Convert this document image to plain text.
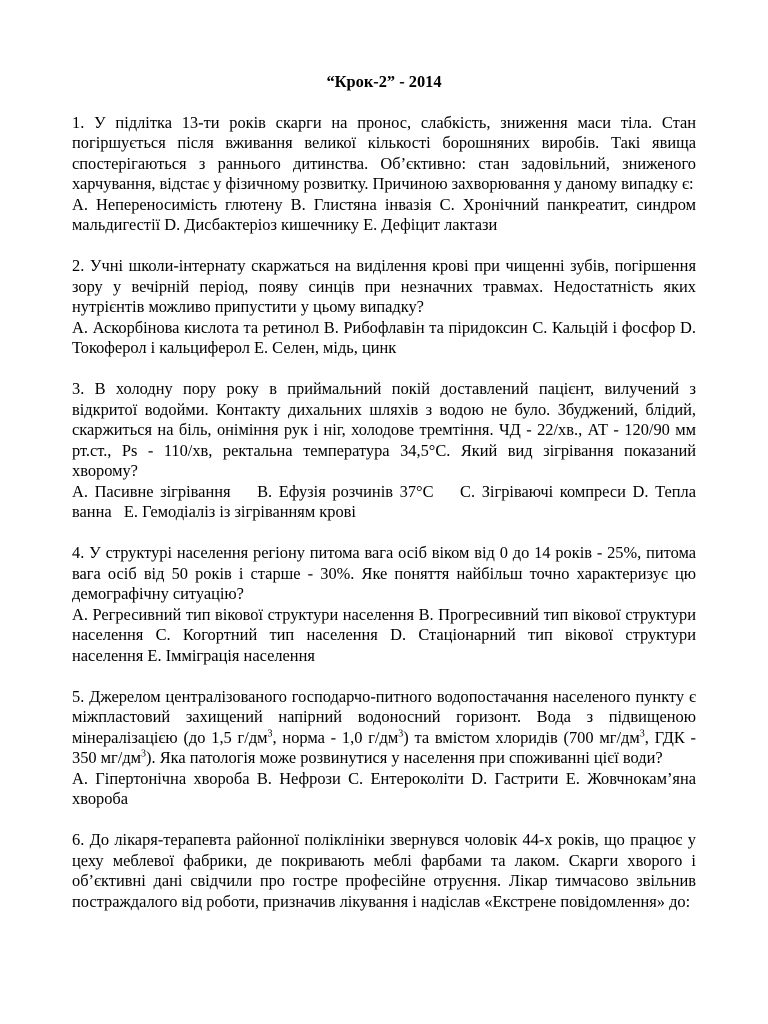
“Крок-2” - 2014

1. У підлітка 13-ти років скарги на пронос, слабкість, зниження маси тіла. Стан погіршується після вживання великої кількості борошняних виробів. Такі явища спостерігаються з раннього дитинства. Об’єктивно: стан задовільний, зниженого харчування, відстає у фізичному розвитку. Причиною захворювання у даному випадку є:

A. Непереносимість глютену B. Глистяна інвазія C. Хронічний панкреатит, синдром мальдигестії D. Дисбактеріоз кишечнику E. Дефіцит лактази

2. Учні школи-інтернату скаржаться на виділення крові при чищенні зубів, погіршення зору у вечірній період, появу синців при незначних травмах. Недостатність яких нутрієнтів можливо припустити у цьому випадку?

A. Аскорбінова кислота та ретинол B. Рибофлавін та піридоксин C. Кальцій і фосфор D. Токоферол і кальциферол E. Селен, мідь, цинк

3. В холодну пору року в приймальний покій доставлений пацієнт, вилучений з відкритої водойми. Контакту дихальних шляхів з водою не було. Збуджений, блідий, скаржиться на біль, оніміння рук і ніг, холодове тремтіння. ЧД - 22/хв., АТ - 120/90 мм рт.ст., Ps - 110/хв, ректальна температура 34,5°C. Який вид зігрівання показаний хворому?

A. Пасивне зігрівання    B. Ефузія розчинів 37°C    C. Зігріваючі компреси D. Тепла ванна   E. Гемодіаліз із зігріванням крові

4. У структурі населення регіону питома вага осіб віком від 0 до 14 років - 25%, питома вага осіб від 50 років і старше - 30%. Яке поняття найбільш точно характеризує цю демографічну ситуацію?

A. Регресивний тип вікової структури населення B. Прогресивний тип вікової структури населення C. Когортний тип населення D. Стаціонарний тип вікової структури населення E. Імміграція населення

5. Джерелом централізованого господарчо-питного водопостачання населеного пункту є міжпластовий захищений напірний водоносний горизонт. Вода з підвищеною мінералізацією (до 1,5 $г/дм^3$, норма - 1,0 $г/дм^3$) та вмістом хлоридів (700 $мг/дм^3$, ГДК - 350 $мг/дм^3$). Яка патологія може розвинутися у населення при споживанні цієї води?

A. Гіпертонічна хвороба B. Нефрози C. Ентероколіти D. Гастрити E. Жовчнокам’яна хвороба

6. До лікаря-терапевта районної поліклініки звернувся чоловік 44-х років, що працює у цеху меблевої фабрики, де покривають меблі фарбами та лаком. Скарги хворого і об’єктивні дані свідчили про гостре професійне отруєння. Лікар тимчасово звільнив постраждалого від роботи, призначив лікування і надіслав «Екстрене повідомлення» до:
